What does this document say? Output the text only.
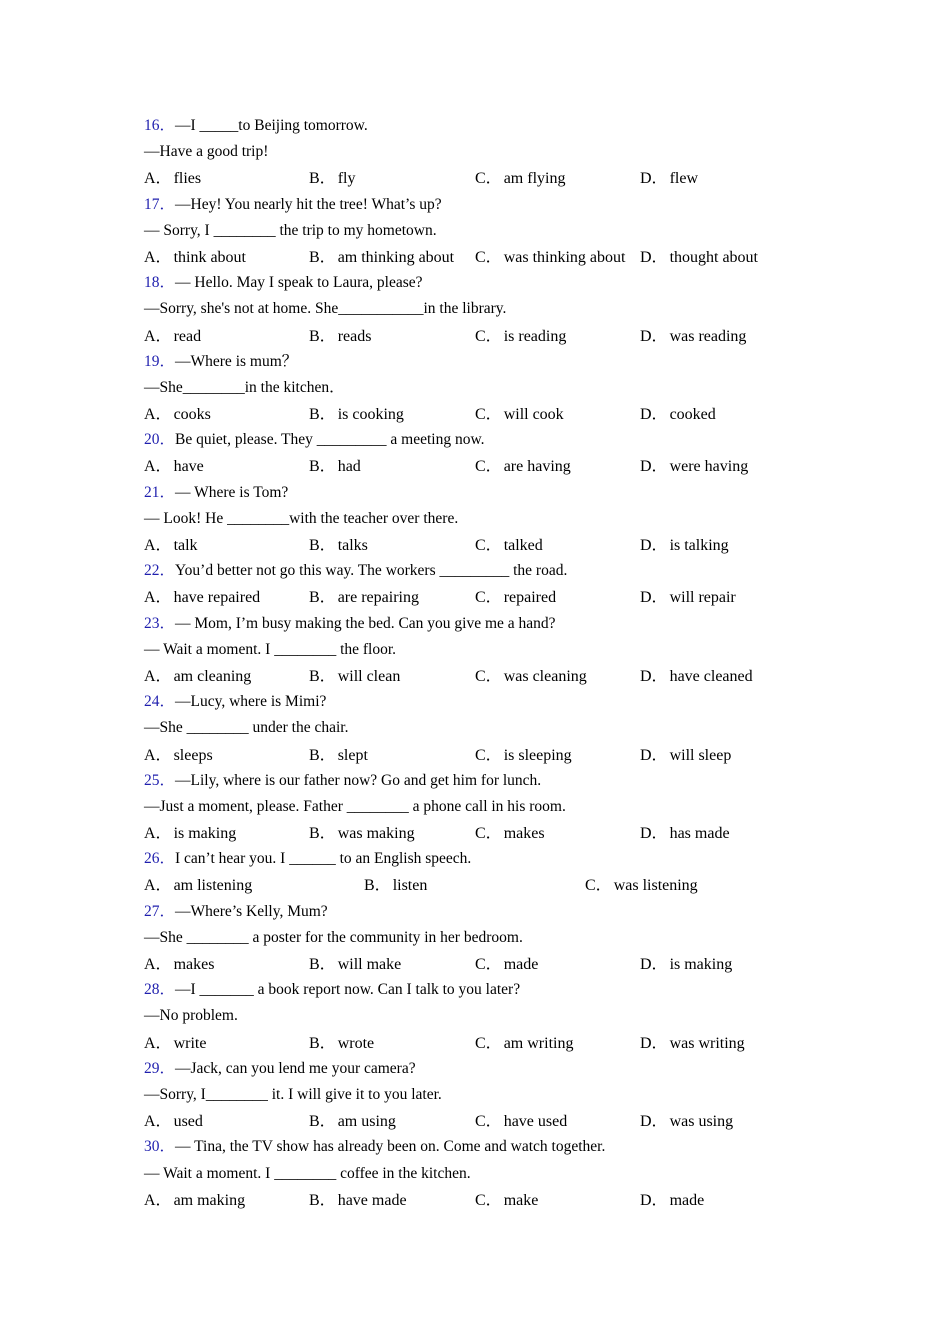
16．—I _____to Beijing tomorrow.
—Have a good trip!
A． flies	B． fly	C． am flying	D． flew
17．—Hey! You nearly hit the tree! What’s up?
— Sorry, I ________ the trip to my hometown.
A． think about	B． am thinking about C． was thinking about D． thought about
18．— Hello. May I speak to Laura, please?
—Sorry, she's not at home. She___________in the library.
A． read	B． reads	C． is reading	D． was reading
19．—Where is mum？
—She________in the kitchen．
A． cooks	B． is cooking	C． will cook	D． cooked
20．Be quiet, please. They _________ a meeting now.
A． have	B． had	C． are having	D． were having
21．— Where is Tom?
— Look! He ________with the teacher over there.
A． talk	B． talks	C． talked	D． is talking
22．You’d better not go this way. The workers _________ the road.
A． have repaired	B． are repairing	C． repaired	D． will repair
23．— Mom, I’m busy making the bed. Can you give me a hand?
— Wait a moment. I ________ the floor.
A． am cleaning	B． will clean	C． was cleaning	D． have cleaned
24．—Lucy, where is Mimi?
—She ________ under the chair.
A． sleeps	B． slept	C． is sleeping	D． will sleep
25．—Lily, where is our father now? Go and get him for lunch.
—Just a moment, please. Father ________ a phone call in his room.
A． is making	B． was making	C． makes	D． has made
26．I can’t hear you. I ______ to an English speech.
A． am listening	B． listen	C． was listening
27．—Where’s Kelly, Mum?
—She ________ a poster for the community in her bedroom.
A． makes	B． will make	C． made	D． is making
28．—I _______ a book report now. Can I talk to you later?
—No problem.
A． write	B． wrote	C． am writing	D． was writing
29．—Jack, can you lend me your camera?
—Sorry, I________ it. I will give it to you later.
A． used	B． am using	C． have used	D． was using
30．— Tina, the TV show has already been on. Come and watch together.
— Wait a moment. I ________ coffee in the kitchen.
A． am making	B． have made	C． make	D． made
